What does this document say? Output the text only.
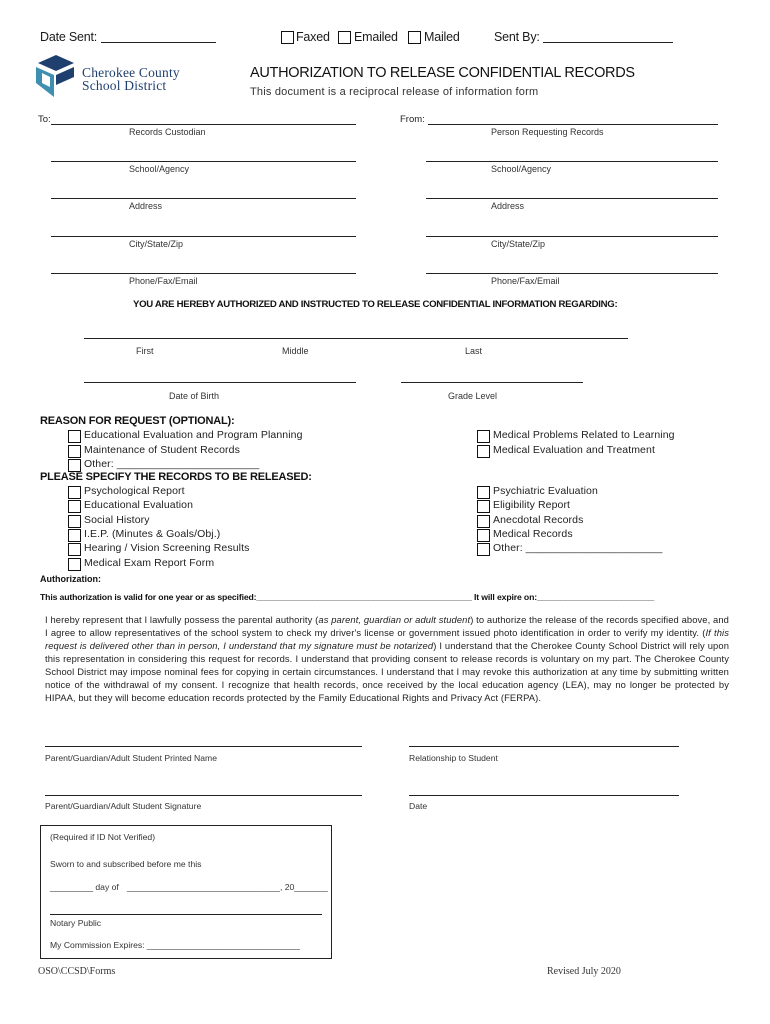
Date Sent:	Faxed Emailed Mailed	Sent By:
Cherokee County
School District
AUTHORIZATION TO RELEASE CONFIDENTIAL RECORDS
This document is a reciprocal release of information form
To:	From:
Records Custodian
School/Agency
Address
City/State/Zip
Phone/Fax/Email
Person Requesting Records
School/Agency
Address
City/State/Zip
Phone/Fax/Email
YOU ARE HEREBY AUTHORIZED AND INSTRUCTED TO RELEASE CONFIDENTIAL INFORMATION REGARDING:
First	Middle	Last
Date of Birth	Grade Level
REASON FOR REQUEST (OPTIONAL):
Educational Evaluation and Program Planning
Maintenance of Student Records
Other: ________________________
Medical Problems Related to Learning
Medical Evaluation and Treatment
PLEASE SPECIFY THE RECORDS TO BE RELEASED:
Psychological Report
Educational Evaluation
Social History
I.E.P. (Minutes & Goals/Obj.)
Hearing / Vision Screening Results
Medical Exam Report Form
Psychiatric Evaluation
Eligibility Report
Anecdotal Records
Medical Records
Other: _______________________
Authorization:
This authorization is valid for one year or as specified:______________________________________________ It will expire on:_________________________
I hereby represent that I lawfully possess the parental authority (as parent, guardian or adult student) to authorize the release of the records specified above, and I agree to allow representatives of the school system to check my driver's license or government issued photo identification in order to verify my identity. (If this request is delivered other than in person, I understand that my signature must be notarized) I understand that the Cherokee County School District will rely upon this representation in considering this request for records. I understand that providing consent to release records is voluntary on my part. The Cherokee County School District may impose nominal fees for copying in certain circumstances. I understand that I may revoke this authorization at any time by submitting written notice of the withdrawal of my consent. I recognize that health records, once received by the local education agency (LEA), may no longer be protected by HIPAA, but they will become education records protected by the Family Educational Rights and Privacy Act (FERPA).
Parent/Guardian/Adult Student Printed Name	Relationship to Student
Parent/Guardian/Adult Student Signature	Date
(Required if ID Not Verified)
Sworn to and subscribed before me this
_________ day of ________________________________, 20_______
Notary Public
My Commission Expires: ________________________________
OSO\CCSD\Forms	Revised July 2020
